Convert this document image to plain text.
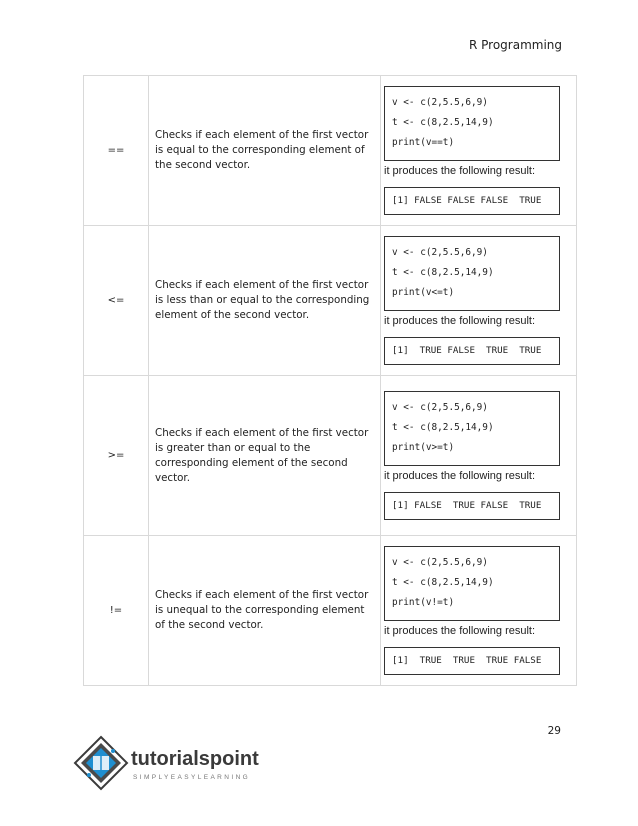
R Programming
==	Checks if each element of the first vector is equal to the corresponding element of the second vector.	v <- c(2,5.5,6,9)
t <- c(8,2.5,14,9)
print(v==t)
it produces the following result:
[1] FALSE FALSE FALSE  TRUE

<=	Checks if each element of the first vector is less than or equal to the corresponding element of the second vector.	v <- c(2,5.5,6,9)
t <- c(8,2.5,14,9)
print(v<=t)
it produces the following result:
[1]  TRUE FALSE  TRUE  TRUE

>=	Checks if each element of the first vector is greater than or equal to the corresponding element of the second vector.	v <- c(2,5.5,6,9)
t <- c(8,2.5,14,9)
print(v>=t)
it produces the following result:
[1] FALSE  TRUE FALSE  TRUE

!=	Checks if each element of the first vector is unequal to the corresponding element of the second vector.	v <- c(2,5.5,6,9)
t <- c(8,2.5,14,9)
print(v!=t)
it produces the following result:
[1]  TRUE  TRUE  TRUE FALSE
29
tutorialspoint
SIMPLYEASYLEARNING
